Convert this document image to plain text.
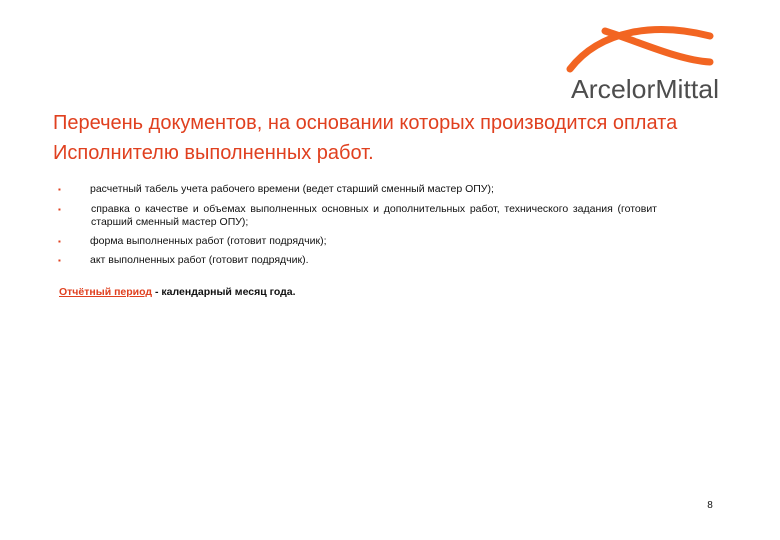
ArcelorMittal
Перечень документов, на основании которых производится оплата Исполнителю выполненных работ.
▪	расчетный табель учета рабочего времени (ведет старший сменный мастер ОПУ);
▪	справка о качестве и объемах выполненных основных и дополнительных работ, технического задания (готовит старший сменный мастер ОПУ);
▪	форма выполненных работ (готовит подрядчик);
▪	акт выполненных работ (готовит подрядчик).
Отчётный период - календарный месяц года.
8
